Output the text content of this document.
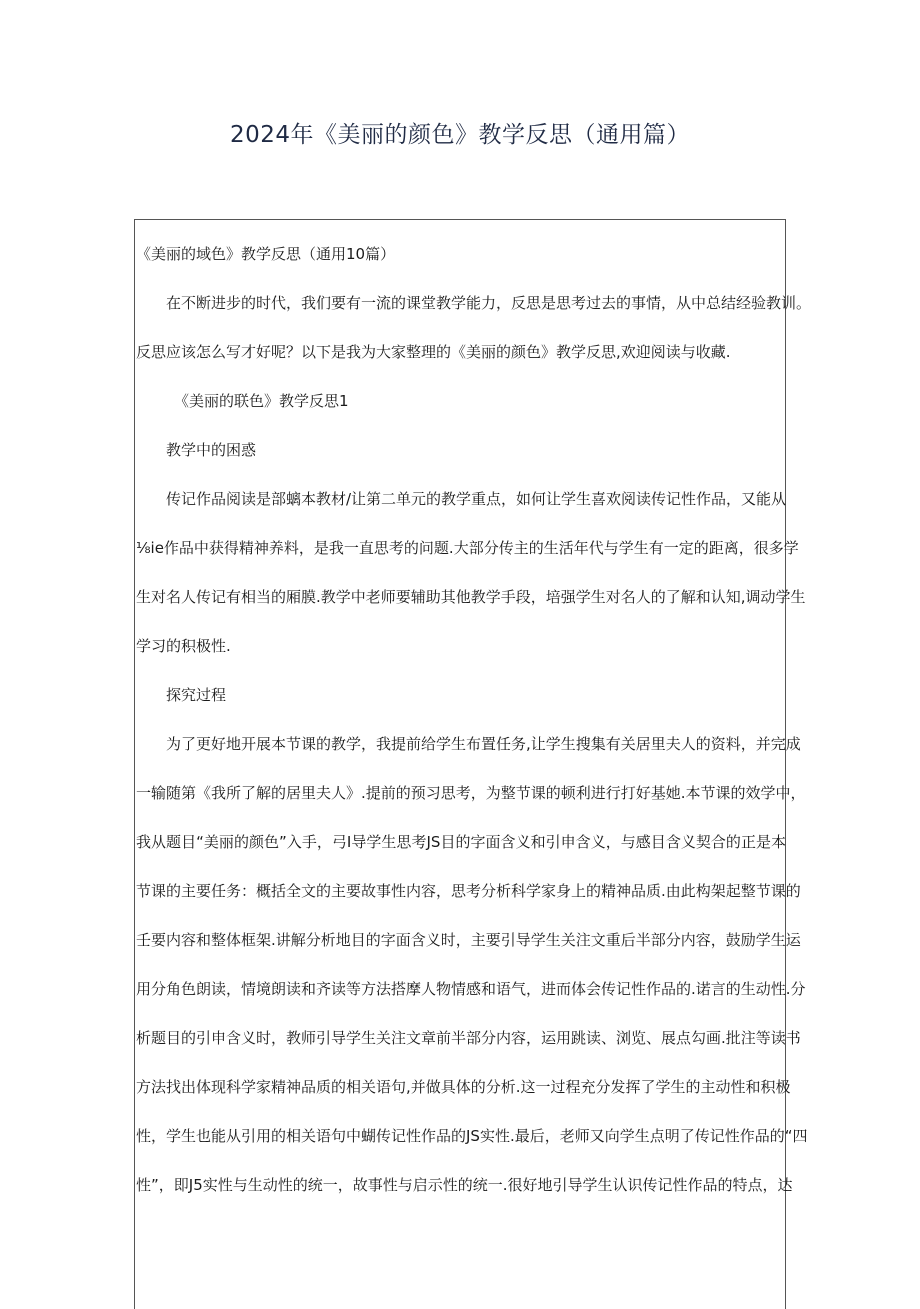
2024年《美丽的颜色》教学反思（通用篇）

《美丽的域色》教学反思（通用10篇）

在不断进步的时代，我们要有一流的课堂教学能力，反思是思考过去的事情，从中总结经验教训。

反思应该怎么写才好呢？以下是我为大家整理的《美丽的颜色》教学反思,欢迎阅读与收藏.

《美丽的联色》教学反思1

教学中的困惑

传记作品阅读是部螭本教材/让第二单元的教学重点，如何让学生喜欢阅读传记性作品，又能从

⅛ie作品中获得精神养料，是我一直思考的问题.大部分传主的生活年代与学生有一定的距离，很多学

生对名人传记有相当的厢膜.教学中老师要辅助其他教学手段，培强学生对名人的了解和认知,调动学生

学习的积极性.

探究过程

为了更好地开展本节课的教学，我提前给学生布置任务,让学生搜集有关居里夫人的资料，并完成

一输随第《我所了解的居里夫人》.提前的预习思考，为整节课的顿利进行打好基她.本节课的效学中，

我从题目“美丽的颜色”入手，弓I导学生思考JS目的字面含义和引申含义，与感目含义契合的正是本

节课的主要任务：概括全文的主要故事性内容，思考分析科学家身上的精神品质.由此构架起整节课的

壬要内容和整体框架.讲解分析地目的字面含义时，主要引导学生关注文重后半部分内容，鼓励学生运

用分角色朗读，情境朗读和齐读等方法搭摩人物情感和语气，进而体会传记性作品的.诺言的生动性.分

析题目的引申含义时，教师引导学生关注文章前半部分内容，运用跳读、浏览、展点勾画.批注等读书

方法找出体现科学家精神品质的相关语句,并做具体的分析.这一过程充分发挥了学生的主动性和积极

性，学生也能从引用的相关语句中蝴传记性作品的JS实性.最后，老师又向学生点明了传记性作品的“四

性”，即J5实性与生动性的统一，故事性与启示性的统一.很好地引导学生认识传记性作品的特点，达
